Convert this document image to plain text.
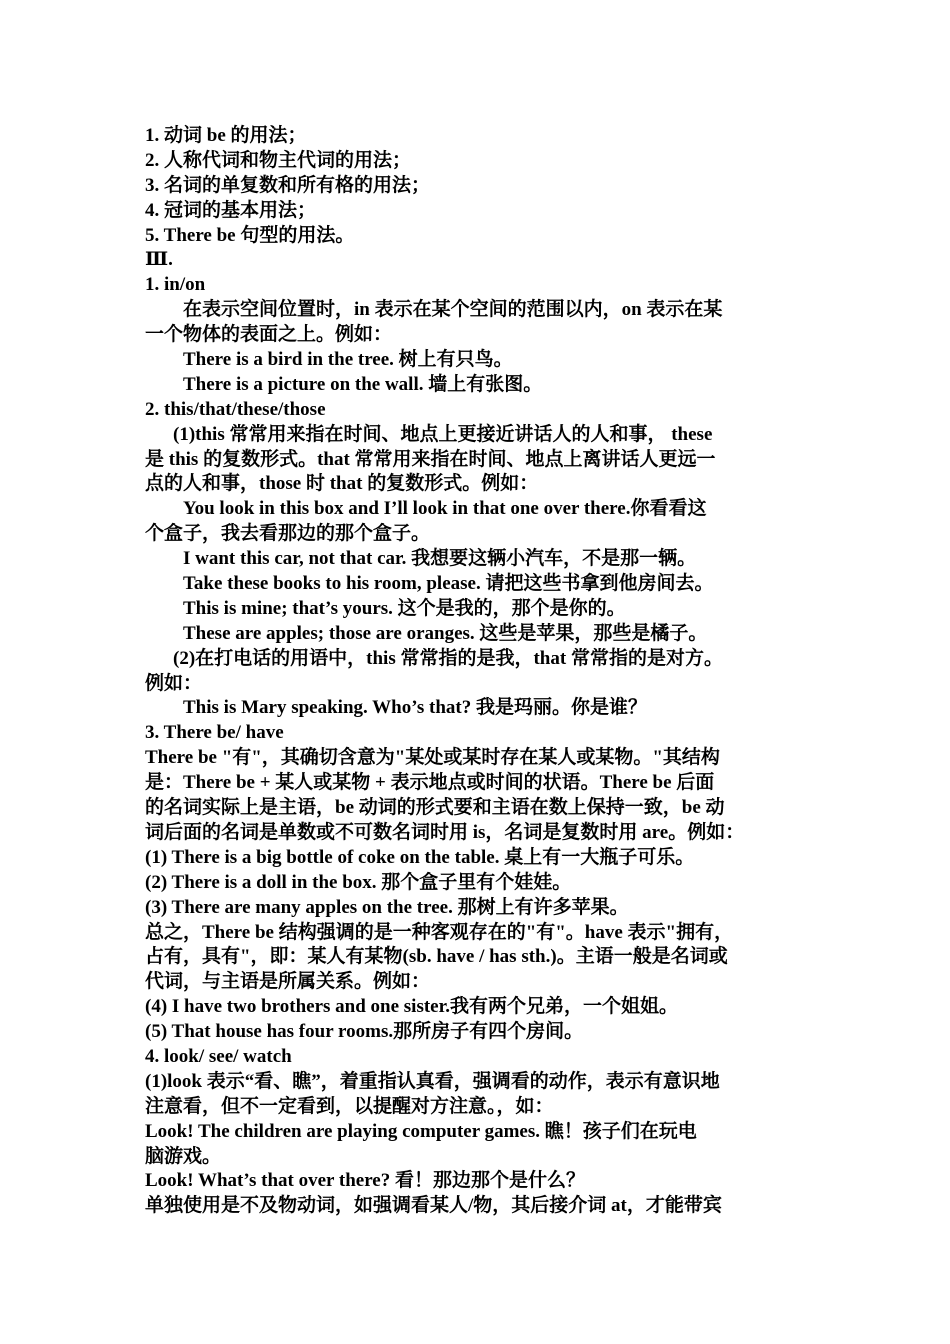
1. 动词 be 的用法；
2. 人称代词和物主代词的用法；
3. 名词的单复数和所有格的用法；
4. 冠词的基本用法；
5. There be 句型的用法。
Ⅲ.
1. in/on
在表示空间位置时，in 表示在某个空间的范围以内，on 表示在某
一个物体的表面之上。例如：
There is a bird in the tree. 树上有只鸟。
There is a picture on the wall. 墙上有张图。
2. this/that/these/those
(1)this 常常用来指在时间、地点上更接近讲话人的人和事， these
是 this 的复数形式。that 常常用来指在时间、地点上离讲话人更远一
点的人和事，those 时 that 的复数形式。例如：
You look in this box and I’ll look in that one over there.你看看这
个盒子，我去看那边的那个盒子。
I want this car, not that car. 我想要这辆小汽车，不是那一辆。
Take these books to his room, please. 请把这些书拿到他房间去。
This is mine; that’s yours. 这个是我的，那个是你的。
These are apples; those are oranges. 这些是苹果，那些是橘子。
(2)在打电话的用语中，this 常常指的是我，that 常常指的是对方。
例如：
This is Mary speaking. Who’s that? 我是玛丽。你是谁？
3. There be/ have
There be "有"，其确切含意为"某处或某时存在某人或某物。"其结构
是：There be + 某人或某物 + 表示地点或时间的状语。There be 后面
的名词实际上是主语，be 动词的形式要和主语在数上保持一致，be 动
词后面的名词是单数或不可数名词时用 is，名词是复数时用 are。例如：
(1) There is a big bottle of coke on the table. 桌上有一大瓶子可乐。
(2) There is a doll in the box. 那个盒子里有个娃娃。
(3) There are many apples on the tree. 那树上有许多苹果。
总之，There be 结构强调的是一种客观存在的"有"。have 表示"拥有，
占有，具有"，即：某人有某物(sb. have / has sth.)。主语一般是名词或
代词，与主语是所属关系。例如：
(4) I have two brothers and one sister.我有两个兄弟，一个姐姐。
(5) That house has four rooms.那所房子有四个房间。
4. look/ see/ watch
(1)look 表示“看、瞧”，着重指认真看，强调看的动作，表示有意识地
注意看，但不一定看到，以提醒对方注意。，如：
Look! The children are playing computer games. 瞧！孩子们在玩电
脑游戏。
Look! What’s that over there? 看！那边那个是什么？
单独使用是不及物动词，如强调看某人/物，其后接介词 at，才能带宾
